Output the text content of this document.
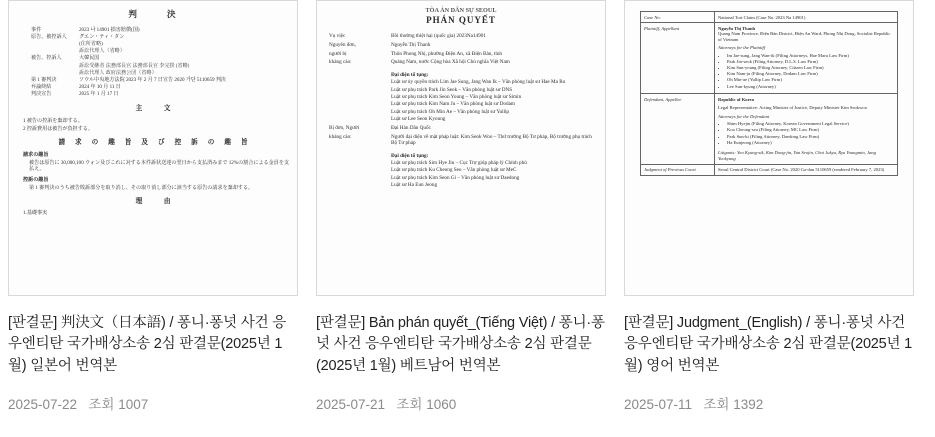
判 決
事件	2023 나 14901 損害賠償(国)
原告、被控訴人	グエン・ティ・タン
	(住所省略)
	訴訟代理人（省略）
被告、控訴人	大韓民国
	訴訟受継者 法務部長官 法務部長官 李完揆 (省略)
	訴訟代理人 政府法務公団（省略）
第 1 審判決	ソウル中央地方法院 2023 年 2 月 7 日宣告 2020 가단 5110659 判決
弁論終結	2024 年 10 月 11 日
判決宣告	2025 年 1 月 17 日
主 文

1 被告の控訴を棄却する。

2 控訴費用は被告が負担する。

請求の趣旨及び控訴の趣旨
請求の趣旨

被告は原告に 30,000,100 ウォン及びこれに対する本件訴状送達の翌日から支払済みまで 12%の割合による金員を支払え。

控訴の趣旨

第 1 審判決のうち被告敗訴部分を取り消し、その取り消し部分に該当する原告の請求を棄却する。

理 由

1.基礎事実

[판결문] 判決文（日本語) / 퐁니·퐁넛 사건 응우엔티탄 국가배상소송 2심 판결문(2025년 1월) 일본어 번역본
2025-07-22 조회 1007
TÒA ÁN DÂN SỰ SEOUL
PHÁN QUYẾT
Vụ việc	Bồi thường thiệt hại (quốc gia) 2023Na14901
Nguyên đơn,	Nguyễn Thị Thanh
người bị	Thôn Phong Nhị, phường Điện An, xã Điện Bàn, tỉnh
kháng cáo:	Quảng Nam, nước Cộng hòa Xã hội Chủ nghĩa Việt Nam
Đại diện tố tụng:
Luật sư ủy quyền trách Lim Jae Sung, Jang Wan Ik – Văn phòng luật sư Hae Ma Ru
Luật sư phụ trách Park Jin Seok – Văn phòng luật sư DNS
Luật sư phụ trách Kim Seon Young – Văn phòng luật sư Simin
Luật sư phụ trách Kim Nam Ju – Văn phòng luật sư Dodam
Luật sư phụ trách Oh Min Ae – Văn phòng luật sư Yullip
Luật sư Lee Seon Kyoung
Bị đơn, Người	Đại Hàn Dân Quốc
kháng cáo:	Người đại diện về mặt pháp luật: Kim Seok Woo – Thứ trưởng Bộ Tư pháp, Bộ trưởng phụ trách Bộ Tư pháp
Đại diện tố tụng:
Luật sư phụ trách Sim Hye Jin – Cục Trợ giúp pháp lý Chính phủ
Luật sư phụ trách Ku Cheong Seo – Văn phòng luật sư MeC
Luật sư phụ trách Kim Seon Gi – Văn phòng luật sư Daedong
Luật sư Ha Eun Jeong
[판결문] Bản phán quyết_(Tiếng Việt) / 퐁니·퐁넛 사건 응우엔티탄 국가배상소송 2심 판결문(2025년 1월) 베트남어 번역본
2025-07-21 조회 1060
Case No.	National Tort Claim (Case No. 2023 Na 14901)

Plaintiff, Appellant	Nguyễn Thị Thanh
Quang Nam Province, Điện Bàn District, Điện An Ward, Phong Nhị Dong, Socialist Republic of Vietnam
Attorneys for the Plaintiff
• Im Jae-sung, Jang Wan-ik (Filing Attorneys, Hae Maru Law Firm)
• Park Jin-seok (Filing Attorney, D.L.S. Law Firm)
• Kim Sun-young (Filing Attorney, Citizen Law Firm)
• Kim Nam-ju (Filing Attorney, Dodam Law Firm)
• Oh Min-ae (Yullip Law Firm)
• Lee Sun-kyung (Attorney)

Defendant, Appellee	Republic of Korea
Legal Representative: Acting Minister of Justice, Deputy Minister Kim Seokwoo
Attorneys for the Defendant
• Shim Hyejin (Filing Attorney, Korean Government Legal Service)
• Koo Cheong-seo (Filing Attorney, MC Law Firm)
• Park Sun-ki (Filing Attorney, Daedong Law Firm)
• Ha Eunjeong (Attorney)
Litigants: Yoo Kyung-sik, Kim Dong-jin, Yun Seojin, Choi Jukyu, Ryu Youngmin, Jang Yookyung

Judgment of Previous Court	Seoul Central District Court (Case No. 2020 Ga-dan 5110659 (rendered February 7, 2023)
[판결문] Judgment_(English) / 퐁니·퐁넛 사건 응우엔티탄 국가배상소송 2심 판결문(2025년 1월) 영어 번역본
2025-07-11 조회 1392
